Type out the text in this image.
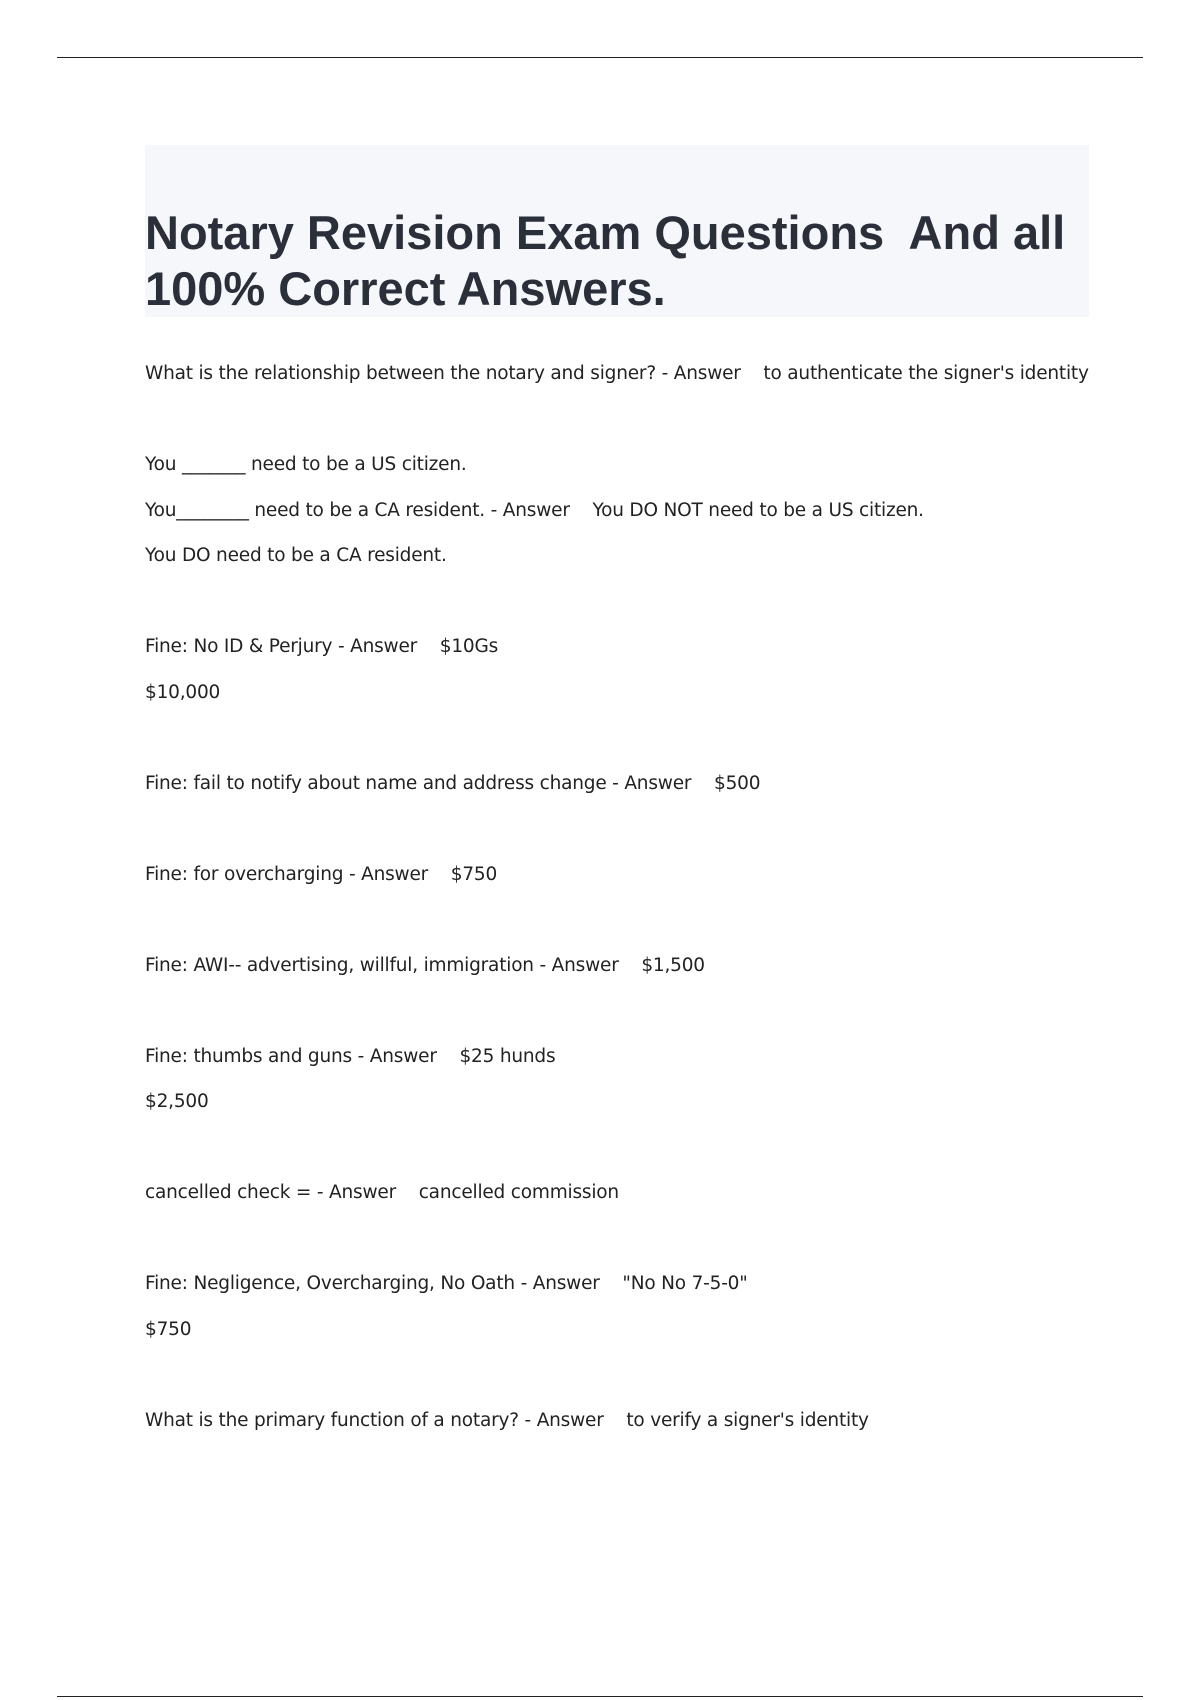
Notary Revision Exam Questions  And all 100% Correct Answers.

What is the relationship between the notary and signer? - Answer    to authenticate the signer's identity

You _______ need to be a US citizen.

You________ need to be a CA resident. - Answer    You DO NOT need to be a US citizen.

You DO need to be a CA resident.

Fine: No ID & Perjury - Answer    $10Gs

$10,000

Fine: fail to notify about name and address change - Answer    $500

Fine: for overcharging - Answer    $750

Fine: AWI-- advertising, willful, immigration - Answer    $1,500

Fine: thumbs and guns - Answer    $25 hunds

$2,500

cancelled check = - Answer    cancelled commission

Fine: Negligence, Overcharging, No Oath - Answer    "No No 7-5-0"

$750

What is the primary function of a notary? - Answer    to verify a signer's identity
